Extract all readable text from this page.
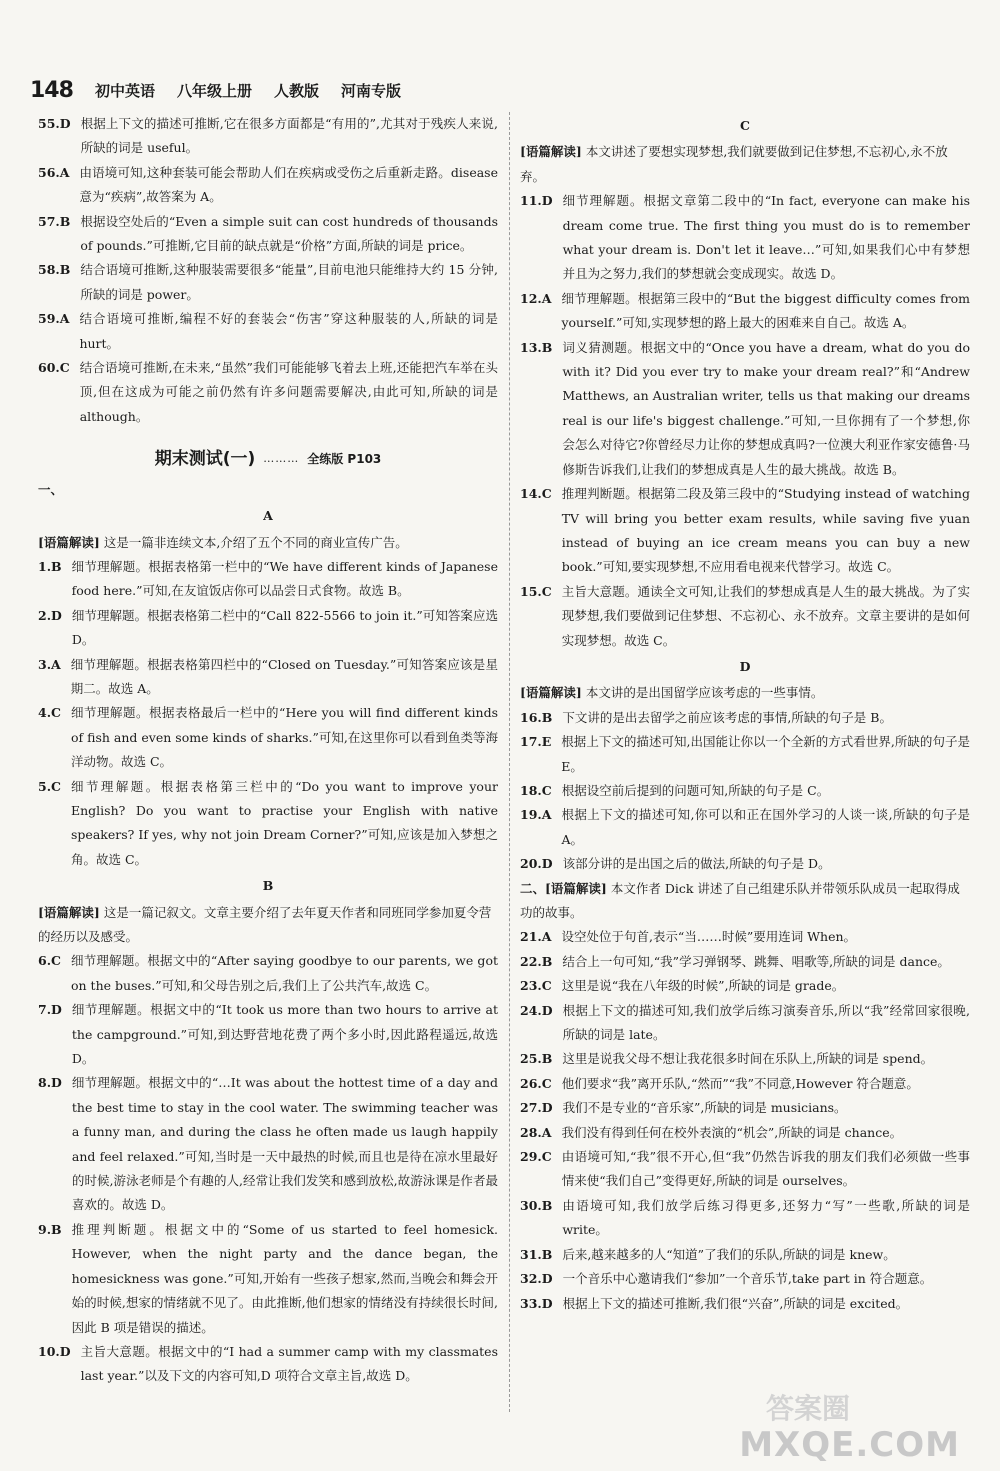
148 初中英语 八年级上册 人教版 河南专版
55.D 根据上下文的描述可推断,它在很多方面都是“有用的”,尤其对于残疾人来说,所缺的词是 useful。
56.A 由语境可知,这种套装可能会帮助人们在疾病或受伤之后重新走路。disease 意为“疾病”,故答案为 A。
57.B 根据设空处后的“Even a simple suit can cost hundreds of thousands of pounds.”可推断,它目前的缺点就是“价格”方面,所缺的词是 price。
58.B 结合语境可推断,这种服装需要很多“能量”,目前电池只能维持大约 15 分钟,所缺的词是 power。
59.A 结合语境可推断,编程不好的套装会“伤害”穿这种服装的人,所缺的词是 hurt。
60.C 结合语境可推断,在未来,“虽然”我们可能能够飞着去上班,还能把汽车举在头顶,但在这成为可能之前仍然有许多问题需要解决,由此可知,所缺的词是 although。
期末测试(一) ……… 全练版 P103
一、
A
[语篇解读] 这是一篇非连续文本,介绍了五个不同的商业宣传广告。
1.B 细节理解题。根据表格第一栏中的“We have different kinds of Japanese food here.”可知,在友谊饭店你可以品尝日式食物。故选 B。
2.D 细节理解题。根据表格第二栏中的“Call 822-5566 to join it.”可知答案应选 D。
3.A 细节理解题。根据表格第四栏中的“Closed on Tuesday.”可知答案应该是星期二。故选 A。
4.C 细节理解题。根据表格最后一栏中的“Here you will find different kinds of fish and even some kinds of sharks.”可知,在这里你可以看到鱼类等海洋动物。故选 C。
5.C 细节理解题。根据表格第三栏中的“Do you want to improve your English? Do you want to practise your English with native speakers? If yes, why not join Dream Corner?”可知,应该是加入梦想之角。故选 C。
B
[语篇解读] 这是一篇记叙文。文章主要介绍了去年夏天作者和同班同学参加夏令营的经历以及感受。
6.C 细节理解题。根据文中的“After saying goodbye to our parents, we got on the buses.”可知,和父母告别之后,我们上了公共汽车,故选 C。
7.D 细节理解题。根据文中的“It took us more than two hours to arrive at the campground.”可知,到达野营地花费了两个多小时,因此路程遥远,故选 D。
8.D 细节理解题。根据文中的“…It was about the hottest time of a day and the best time to stay in the cool water. The swimming teacher was a funny man, and during the class he often made us laugh happily and feel relaxed.”可知,当时是一天中最热的时候,而且也是待在凉水里最好的时候,游泳老师是个有趣的人,经常让我们发笑和感到放松,故游泳课是作者最喜欢的。故选 D。
9.B 推理判断题。根据文中的“Some of us started to feel homesick. However, when the night party and the dance began, the homesickness was gone.”可知,开始有一些孩子想家,然而,当晚会和舞会开始的时候,想家的情绪就不见了。由此推断,他们想家的情绪没有持续很长时间,因此 B 项是错误的描述。
10.D 主旨大意题。根据文中的“I had a summer camp with my classmates last year.”以及下文的内容可知,D 项符合文章主旨,故选 D。
C
[语篇解读] 本文讲述了要想实现梦想,我们就要做到记住梦想,不忘初心,永不放弃。
11.D 细节理解题。根据文章第二段中的“In fact, everyone can make his dream come true. The first thing you must do is to remember what your dream is. Don't let it leave…”可知,如果我们心中有梦想并且为之努力,我们的梦想就会变成现实。故选 D。
12.A 细节理解题。根据第三段中的“But the biggest difficulty comes from yourself.”可知,实现梦想的路上最大的困难来自自己。故选 A。
13.B 词义猜测题。根据文中的“Once you have a dream, what do you do with it? Did you ever try to make your dream real?”和“Andrew Matthews, an Australian writer, tells us that making our dreams real is our life's biggest challenge.”可知,一旦你拥有了一个梦想,你会怎么对待它?你曾经尽力让你的梦想成真吗?一位澳大利亚作家安德鲁·马修斯告诉我们,让我们的梦想成真是人生的最大挑战。故选 B。
14.C 推理判断题。根据第二段及第三段中的“Studying instead of watching TV will bring you better exam results, while saving five yuan instead of buying an ice cream means you can buy a new book.”可知,要实现梦想,不应用看电视来代替学习。故选 C。
15.C 主旨大意题。通读全文可知,让我们的梦想成真是人生的最大挑战。为了实现梦想,我们要做到记住梦想、不忘初心、永不放弃。文章主要讲的是如何实现梦想。故选 C。
D
[语篇解读] 本文讲的是出国留学应该考虑的一些事情。
16.B 下文讲的是出去留学之前应该考虑的事情,所缺的句子是 B。
17.E 根据上下文的描述可知,出国能让你以一个全新的方式看世界,所缺的句子是 E。
18.C 根据设空前后提到的问题可知,所缺的句子是 C。
19.A 根据上下文的描述可知,你可以和正在国外学习的人谈一谈,所缺的句子是 A。
20.D 该部分讲的是出国之后的做法,所缺的句子是 D。
二、[语篇解读] 本文作者 Dick 讲述了自己组建乐队并带领乐队成员一起取得成功的故事。
21.A 设空处位于句首,表示“当……时候”要用连词 When。
22.B 结合上一句可知,“我”学习弹钢琴、跳舞、唱歌等,所缺的词是 dance。
23.C 这里是说“我在八年级的时候”,所缺的词是 grade。
24.D 根据上下文的描述可知,我们放学后练习演奏音乐,所以“我”经常回家很晚,所缺的词是 late。
25.B 这里是说我父母不想让我花很多时间在乐队上,所缺的词是 spend。
26.C 他们要求“我”离开乐队,“然而”“我”不同意,However 符合题意。
27.D 我们不是专业的“音乐家”,所缺的词是 musicians。
28.A 我们没有得到任何在校外表演的“机会”,所缺的词是 chance。
29.C 由语境可知,“我”很不开心,但“我”仍然告诉我的朋友们我们必须做一些事情来使“我们自己”变得更好,所缺的词是 ourselves。
30.B 由语境可知,我们放学后练习得更多,还努力“写”一些歌,所缺的词是 write。
31.B 后来,越来越多的人“知道”了我们的乐队,所缺的词是 knew。
32.D 一个音乐中心邀请我们“参加”一个音乐节,take part in 符合题意。
33.D 根据上下文的描述可推断,我们很“兴奋”,所缺的词是 excited。
答案圈
MXQE.COM
